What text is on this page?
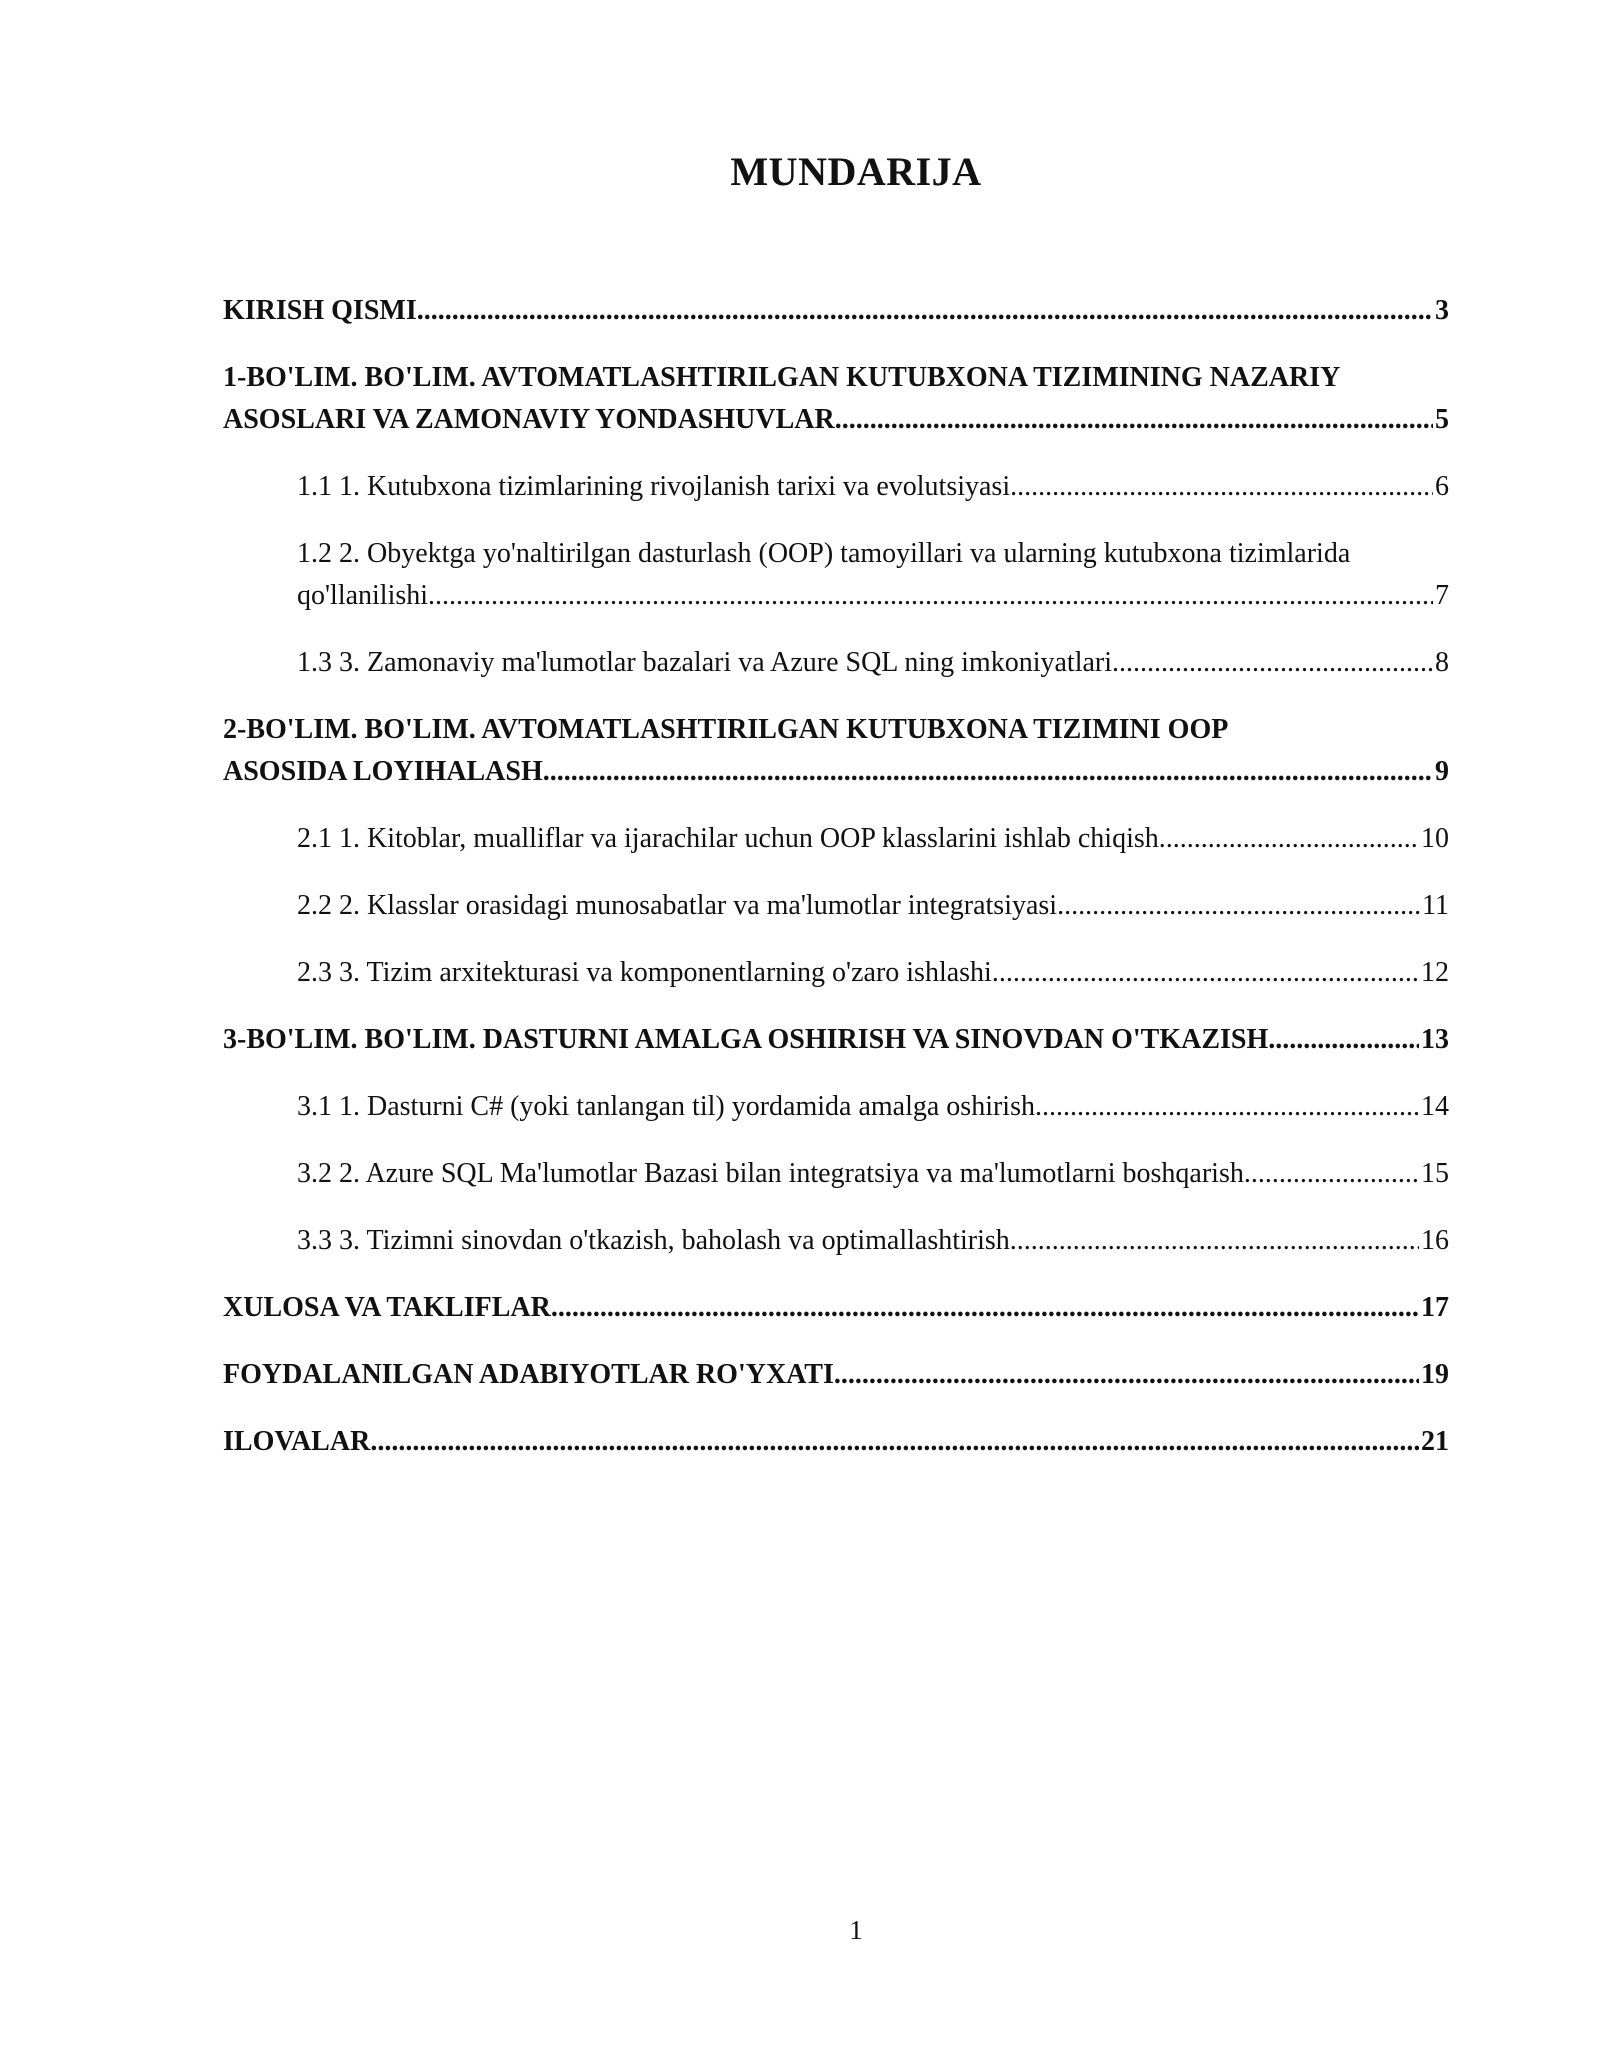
MUNDARIJA
KIRISH QISMI .....	3
1-BO'LIM. BO'LIM. AVTOMATLASHTIRILGAN KUTUBXONA TIZIMINING NAZARIY
ASOSLARI VA ZAMONAVIY YONDASHUVLAR .....	5
1.1 1. Kutubxona tizimlarining rivojlanish tarixi va evolutsiyasi .....	6
1.2 2. Obyektga yo'naltirilgan dasturlash (OOP) tamoyillari va ularning kutubxona tizimlarida
qo'llanilishi .....	7
1.3 3. Zamonaviy ma'lumotlar bazalari va Azure SQL ning imkoniyatlari .....	8
2-BO'LIM. BO'LIM. AVTOMATLASHTIRILGAN KUTUBXONA TIZIMINI OOP
ASOSIDA LOYIHALASH .....	9
2.1 1. Kitoblar, mualliflar va ijarachilar uchun OOP klasslarini ishlab chiqish .....	10
2.2 2. Klasslar orasidagi munosabatlar va ma'lumotlar integratsiyasi .....	11
2.3 3. Tizim arxitekturasi va komponentlarning o'zaro ishlashi .....	12
3-BO'LIM. BO'LIM. DASTURNI AMALGA OSHIRISH VA SINOVDAN O'TKAZISH. .....	13
3.1 1. Dasturni C# (yoki tanlangan til) yordamida amalga oshirish .....	14
3.2 2. Azure SQL Ma'lumotlar Bazasi bilan integratsiya va ma'lumotlarni boshqarish .....	15
3.3 3. Tizimni sinovdan o'tkazish, baholash va optimallashtirish .....	16
XULOSA VA TAKLIFLAR .....	17
FOYDALANILGAN ADABIYOTLAR RO'YXATI .....	19
ILOVALAR .....	21
1
